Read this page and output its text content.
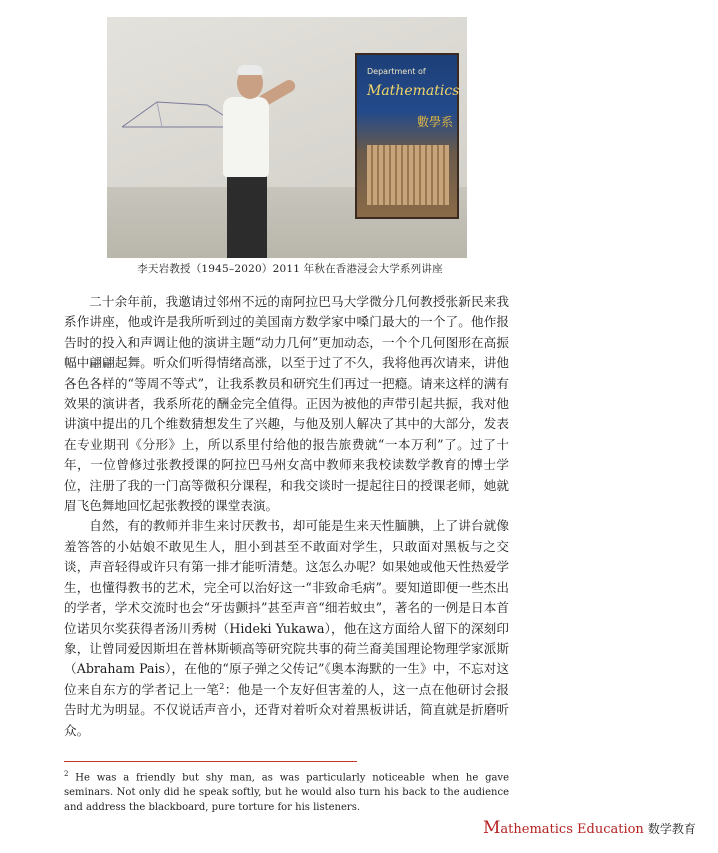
Department of
Mathematics
數學系
李天岩教授（1945–2020）2011 年秋在香港浸会大学系列讲座

二十余年前，我邀请过邻州不远的南阿拉巴马大学微分几何教授张新民来我系作讲座，他或许是我所听到过的美国南方数学家中嗓门最大的一个了。他作报告时的投入和声调让他的演讲主题“动力几何”更加动态，一个个几何图形在高振幅中翩翩起舞。听众们听得情绪高涨，以至于过了不久，我将他再次请来，讲他各色各样的“等周不等式”，让我系教员和研究生们再过一把瘾。请来这样的满有效果的演讲者，我系所花的酬金完全值得。正因为被他的声带引起共振，我对他讲演中提出的几个维数猜想发生了兴趣，与他及别人解决了其中的大部分，发表在专业期刊《分形》上，所以系里付给他的报告旅费就“一本万利”了。过了十年，一位曾修过张教授课的阿拉巴马州女高中教师来我校读数学教育的博士学位，注册了我的一门高等微积分课程，和我交谈时一提起往日的授课老师，她就眉飞色舞地回忆起张教授的课堂表演。

自然，有的教师并非生来讨厌教书，却可能是生来天性腼腆，上了讲台就像羞答答的小姑娘不敢见生人，胆小到甚至不敢面对学生，只敢面对黑板与之交谈，声音轻得或许只有第一排才能听清楚。这怎么办呢？如果她或他天性热爱学生，也懂得教书的艺术，完全可以治好这一“非致命毛病”。要知道即便一些杰出的学者，学术交流时也会“牙齿颤抖”甚至声音“细若蚊虫”，著名的一例是日本首位诺贝尔奖获得者汤川秀树（Hideki Yukawa），他在这方面给人留下的深刻印象，让曾同爱因斯坦在普林斯顿高等研究院共事的荷兰裔美国理论物理学家派斯（Abraham Pais），在他的“原子弹之父传记”《奥本海默的一生》中，不忘对这位来自东方的学者记上一笔$^2$：他是一个友好但害羞的人，这一点在他研讨会报告时尤为明显。不仅说话声音小，还背对着听众对着黑板讲话，简直就是折磨听众。

$^2$ He was a friendly but shy man, as was particularly noticeable when he gave seminars. Not only did he speak softly, but he would also turn his back to the audience and address the blackboard, pure torture for his listeners.
Mathematics Education 数学教育
